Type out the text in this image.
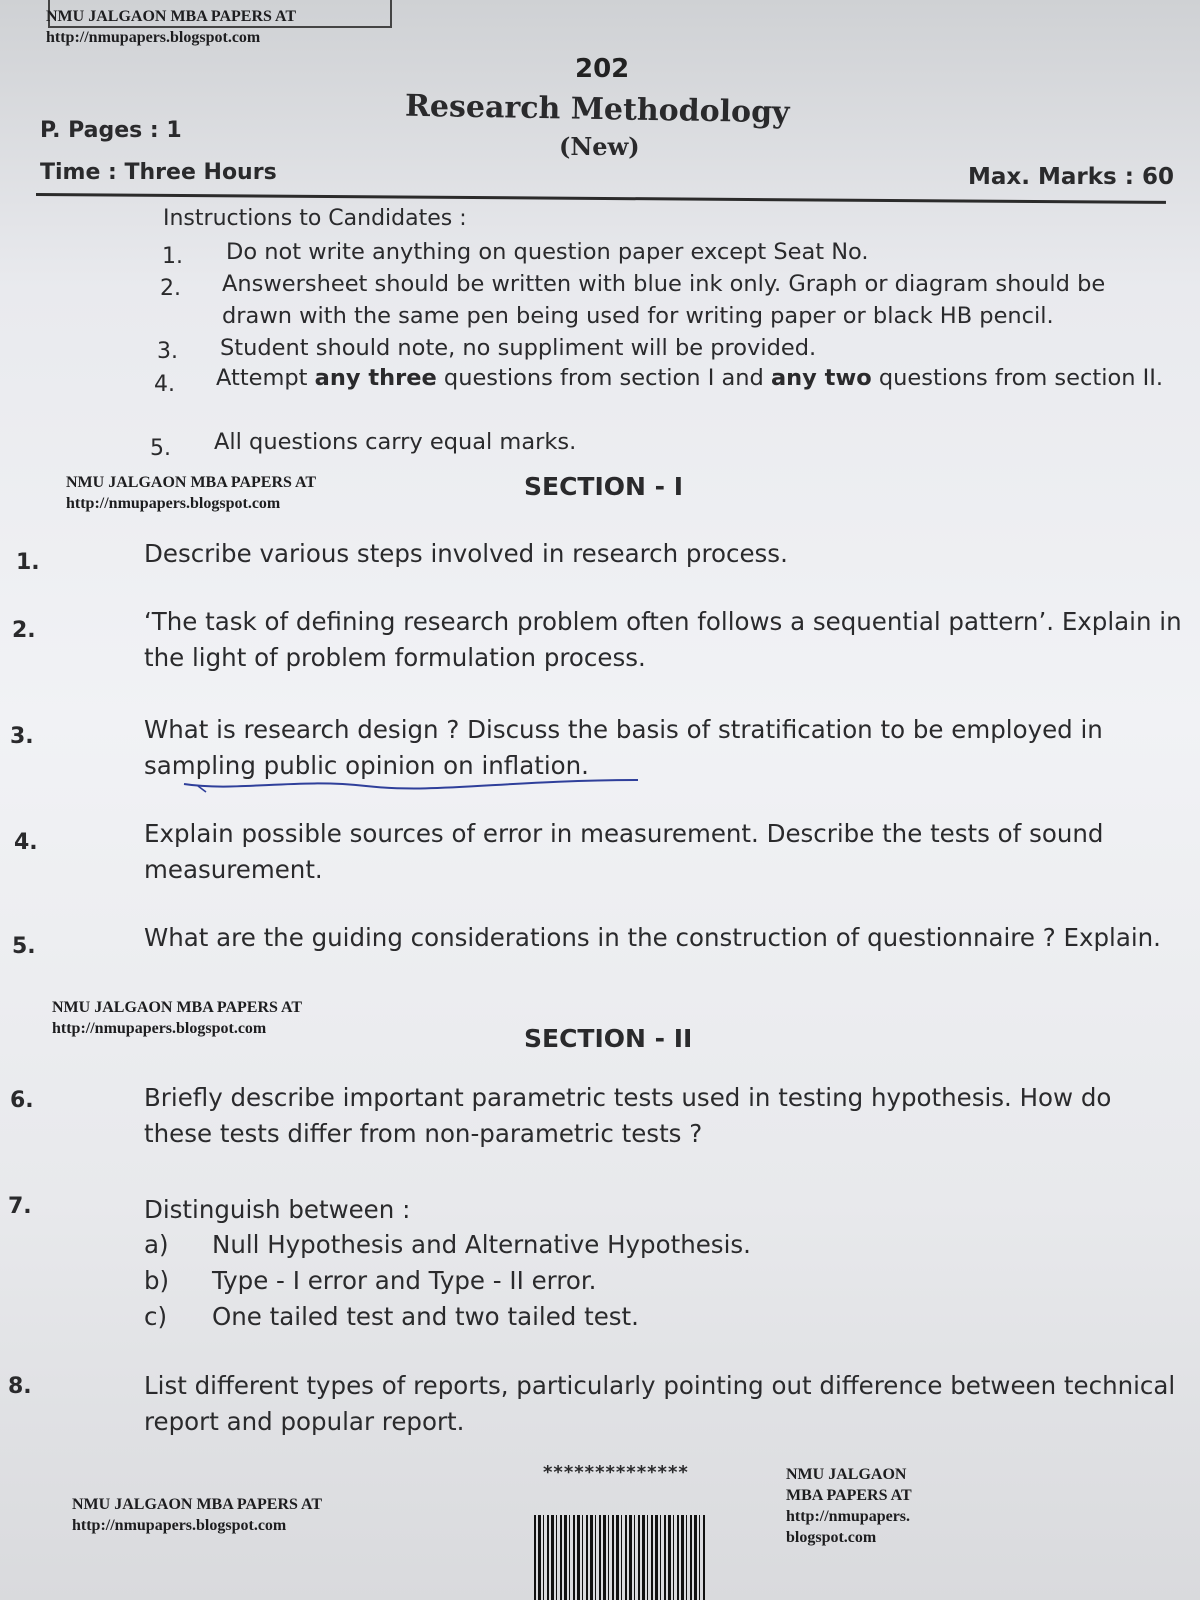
NMU JALGAON MBA PAPERS AT
http://nmupapers.blogspot.com
NMU JALGAON MBA PAPERS AT
http://nmupapers.blogspot.com
NMU JALGAON MBA PAPERS AT
http://nmupapers.blogspot.com
NMU JALGAON MBA PAPERS AT
http://nmupapers.blogspot.com
NMU JALGAON
MBA PAPERS AT
http://nmupapers.
blogspot.com
202
Research Methodology
(New)
P. Pages : 1
Time : Three Hours	Max. Marks : 60
Instructions to Candidates :
1. Do not write anything on question paper except Seat No.
2. Answersheet should be written with blue ink only. Graph or diagram should be drawn with the same pen being used for writing paper or black HB pencil.
3. Student should note, no suppliment will be provided.
4. Attempt any three questions from section I and any two questions from section II.
5. All questions carry equal marks.
SECTION - I
1.	Describe various steps involved in research process.
2.	‘The task of defining research problem often follows a sequential pattern’. Explain in the light of problem formulation process.
3.	What is research design ? Discuss the basis of stratification to be employed in sampling public opinion on inflation.
4.	Explain possible sources of error in measurement. Describe the tests of sound measurement.
5.	What are the guiding considerations in the construction of questionnaire ? Explain.
SECTION - II
6.	Briefly describe important parametric tests used in testing hypothesis. How do these tests differ from non-parametric tests ?
7.	Distinguish between :
a) Null Hypothesis and Alternative Hypothesis.
b) Type - I error and Type - II error.
c) One tailed test and two tailed test.
8.	List different types of reports, particularly pointing out difference between technical report and popular report.
**************
